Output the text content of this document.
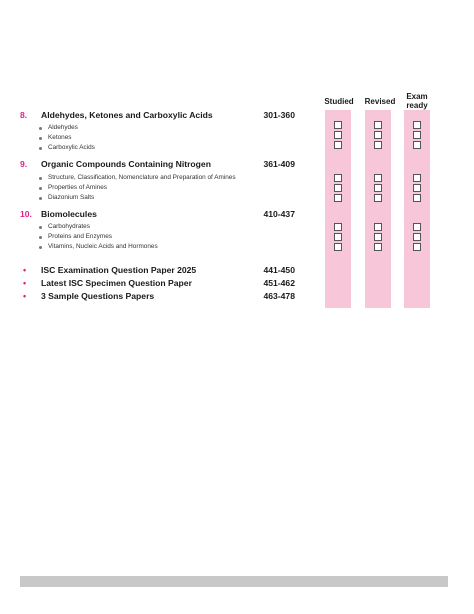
Studied	Revised
Exam
ready
8. Aldehydes, Ketones and Carboxylic Acids	301-360
Aldehydes
Ketones
Carboxylic Acids
9. Organic Compounds Containing Nitrogen	361-409
Structure, Classification, Nomenclature and Preparation of Amines
Properties of Amines
Diazonium Salts
10. Biomolecules	410-437
Carbohydrates
Proteins and Enzymes
Vitamins, Nucleic Acids and Hormones
• ISC Examination Question Paper 2025	441-450
• Latest ISC Specimen Question Paper	451-462
• 3 Sample Questions Papers	463-478
